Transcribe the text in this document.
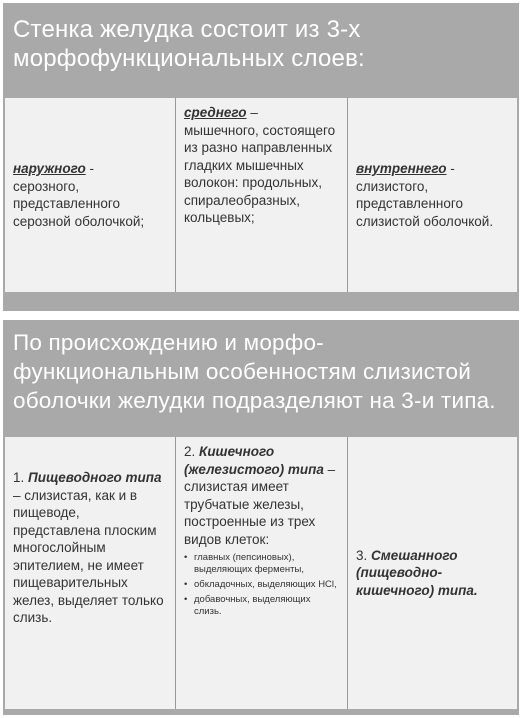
Стенка желудка состоит из 3-х морфофункциональных слоев:
наружного -
серозного, представленного серозной оболочкой;
среднего –
мышечного, состоящего из разно направленных гладких мышечных волокон: продольных, спиралеобразных, кольцевых;
внутреннего -
слизистого, представленного слизистой оболочкой.
По происхождению и морфо-функциональным особенностям слизистой оболочки желудки подразделяют на 3-и типа.
1. Пищеводного типа – слизистая, как и в пищеводе, представлена плоским многослойным эпителием, не имеет пищеварительных желез, выделяет только слизь.
2. Кишечного (железистого) типа – слизистая имеет трубчатые железы, построенные из трех видов клеток:
• главных (пепсиновых), выделяющих ферменты,
• обкладочных, выделяющих HCl,
• добавочных, выделяющих слизь.
3. Смешанного (пищеводно-кишечного) типа.
